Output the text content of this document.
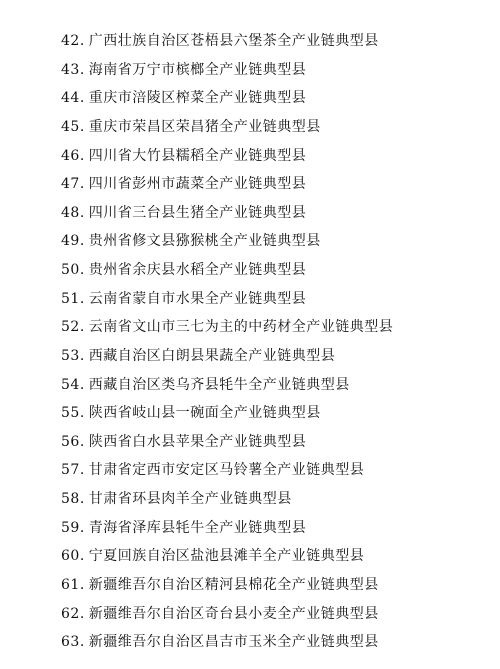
42. 广西壮族自治区苍梧县六堡茶全产业链典型县
43. 海南省万宁市槟榔全产业链典型县
44. 重庆市涪陵区榨菜全产业链典型县
45. 重庆市荣昌区荣昌猪全产业链典型县
46. 四川省大竹县糯稻全产业链典型县
47. 四川省彭州市蔬菜全产业链典型县
48. 四川省三台县生猪全产业链典型县
49. 贵州省修文县猕猴桃全产业链典型县
50. 贵州省余庆县水稻全产业链典型县
51. 云南省蒙自市水果全产业链典型县
52. 云南省文山市三七为主的中药材全产业链典型县
53. 西藏自治区白朗县果蔬全产业链典型县
54. 西藏自治区类乌齐县牦牛全产业链典型县
55. 陕西省岐山县一碗面全产业链典型县
56. 陕西省白水县苹果全产业链典型县
57. 甘肃省定西市安定区马铃薯全产业链典型县
58. 甘肃省环县肉羊全产业链典型县
59. 青海省泽库县牦牛全产业链典型县
60. 宁夏回族自治区盐池县滩羊全产业链典型县
61. 新疆维吾尔自治区精河县棉花全产业链典型县
62. 新疆维吾尔自治区奇台县小麦全产业链典型县
63. 新疆维吾尔自治区昌吉市玉米全产业链典型县
